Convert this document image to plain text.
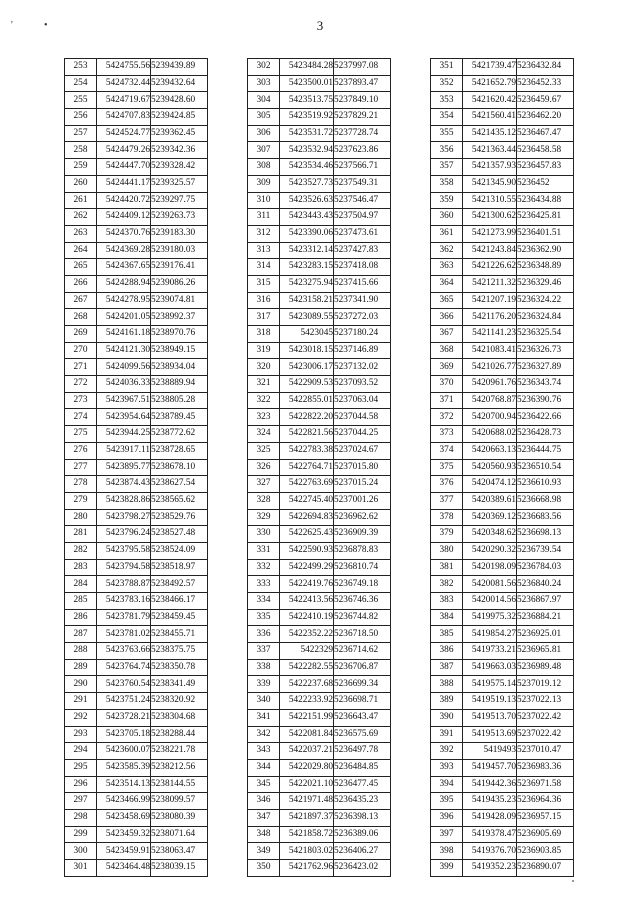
'	•	3
253	5424755.56	5239439.89
254	5424732.44	5239432.64
255	5424719.67	5239428.60
256	5424707.83	5239424.85
257	5424524.77	5239362.45
258	5424479.26	5239342.36
259	5424447.70	5239328.42
260	5424441.17	5239325.57
261	5424420.72	5239297.75
262	5424409.12	5239263.73
263	5424370.76	5239183.30
264	5424369.28	5239180.03
265	5424367.65	5239176.41
266	5424288.94	5239086.26
267	5424278.95	5239074.81
268	5424201.05	5238992.37
269	5424161.18	5238970.76
270	5424121.30	5238949.15
271	5424099.56	5238934.04
272	5424036.33	5238889.94
273	5423967.51	5238805.28
274	5423954.64	5238789.45
275	5423944.25	5238772.62
276	5423917.11	5238728.65
277	5423895.77	5238678.10
278	5423874.43	5238627.54
279	5423828.86	5238565.62
280	5423798.27	5238529.76
281	5423796.24	5238527.48
282	5423795.58	5238524.09
283	5423794.58	5238518.97
284	5423788.87	5238492.57
285	5423783.16	5238466.17
286	5423781.79	5238459.45
287	5423781.02	5238455.71
288	5423763.66	5238375.75
289	5423764.74	5238350.78
290	5423760.54	5238341.49
291	5423751.24	5238320.92
292	5423728.21	5238304.68
293	5423705.18	5238288.44
294	5423600.07	5238221.78
295	5423585.39	5238212.56
296	5423514.13	5238144.55
297	5423466.99	5238099.57
298	5423458.69	5238080.39
299	5423459.32	5238071.64
300	5423459.91	5238063.47
301	5423464.48	5238039.15
302	5423484.28	5237997.08
303	5423500.01	5237893.47
304	5423513.75	5237849.10
305	5423519.92	5237829.21
306	5423531.72	5237728.74
307	5423532.94	5237623.86
308	5423534.46	5237566.71
309	5423527.73	5237549.31
310	5423526.63	5237546.47
311	5423443.43	5237504.97
312	5423390.06	5237473.61
313	5423312.14	5237427.83
314	5423283.15	5237418.08
315	5423275.94	5237415.66
316	5423158.21	5237341.90
317	5423089.55	5237272.03
318	5423045	5237180.24
319	5423018.15	5237146.89
320	5423006.17	5237132.02
321	5422909.53	5237093.52
322	5422855.01	5237063.04
323	5422822.20	5237044.58
324	5422821.56	5237044.25
325	5422783.38	5237024.67
326	5422764.71	5237015.80
327	5422763.69	5237015.24
328	5422745.40	5237001.26
329	5422694.83	5236962.62
330	5422625.43	5236909.39
331	5422590.93	5236878.83
332	5422499.29	5236810.74
333	5422419.76	5236749.18
334	5422413.56	5236746.36
335	5422410.19	5236744.82
336	5422352.22	5236718.50
337	5422329	5236714.62
338	5422282.55	5236706.87
339	5422237.68	5236699.34
340	5422233.92	5236698.71
341	5422151.99	5236643.47
342	5422081.84	5236575.69
343	5422037.21	5236497.78
344	5422029.80	5236484.85
345	5422021.10	5236477.45
346	5421971.48	5236435.23
347	5421897.37	5236398.13
348	5421858.72	5236389.06
349	5421803.02	5236406.27
350	5421762.96	5236423.02
351	5421739.47	5236432.84
352	5421652.79	5236452.33
353	5421620.42	5236459.67
354	5421560.41	5236462.20
355	5421435.12	5236467.47
356	5421363.44	5236458.58
357	5421357.93	5236457.83
358	5421345.90	5236452
359	5421310.55	5236434.88
360	5421300.62	5236425.81
361	5421273.99	5236401.51
362	5421243.84	5236362.90
363	5421226.62	5236348.89
364	5421211.32	5236329.46
365	5421207.19	5236324.22
366	5421176.20	5236324.84
367	5421141.23	5236325.54
368	5421083.41	5236326.73
369	5421026.77	5236327.89
370	5420961.76	5236343.74
371	5420768.87	5236390.76
372	5420700.94	5236422.66
373	5420688.02	5236428.73
374	5420663.13	5236444.75
375	5420560.93	5236510.54
376	5420474.12	5236610.93
377	5420389.61	5236668.98
378	5420369.12	5236683.56
379	5420348.62	5236698.13
380	5420290.32	5236739.54
381	5420198.09	5236784.03
382	5420081.56	5236840.24
383	5420014.56	5236867.97
384	5419975.32	5236884.21
385	5419854.27	5236925.01
386	5419733.21	5236965.81
387	5419663.03	5236989.48
388	5419575.14	5237019.12
389	5419519.13	5237022.13
390	5419513.70	5237022.42
391	5419513.69	5237022.42
392	5419493	5237010.47
393	5419457.70	5236983.36
394	5419442.36	5236971.58
395	5419435.23	5236964.36
396	5419428.09	5236957.15
397	5419378.47	5236905.69
398	5419376.70	5236903.85
399	5419352.23	5236890.07
